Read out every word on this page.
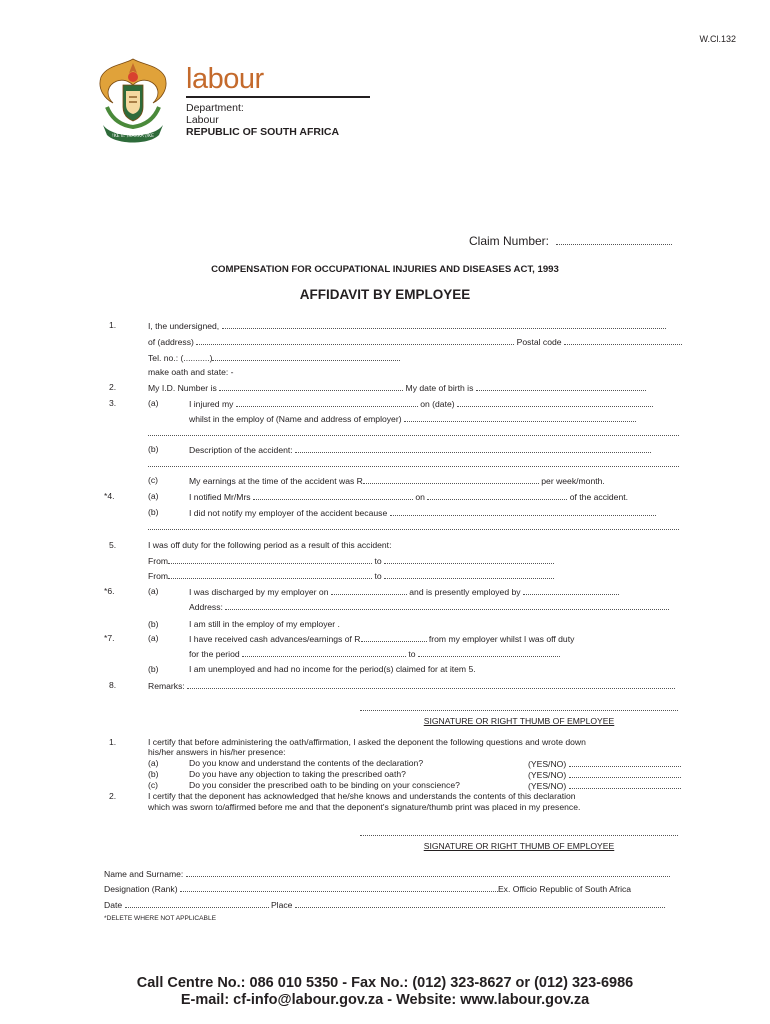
W.Cl.132
!KE E: /XARRA //KE
labour
Department:
Labour
REPUBLIC OF SOUTH AFRICA
Claim Number:
COMPENSATION FOR OCCUPATIONAL INJURIES AND DISEASES ACT, 1993
AFFIDAVIT BY EMPLOYEE
1.	I, the undersigned,
of (address)	Postal code
Tel. no.: (...........)
make oath and state: -
2.	My I.D. Number is	My date of birth is
3.	(a)	I injured my	on (date)
whilst in the employ of (Name and address of employer)
(b)	Description of the accident:
(c)	My earnings at the time of the accident was R	per week/month.
*4.	(a)	I notified Mr/Mrs	on	of the accident.
(b)	I did not notify my employer of the accident because
5.	I was off duty for the following period as a result of this accident:
From	to
From	to
*6.	(a)	I was discharged by my employer on	and is presently employed by
Address:
(b)	I am still in the employ of my employer .
*7.	(a)	I have received cash advances/earnings of R	from my employer whilst I was off duty
for the period	to
(b)	I am unemployed and had no income for the period(s) claimed for at item 5.
8.	Remarks:
SIGNATURE OR RIGHT THUMB OF EMPLOYEE
1.	I certify that before administering the oath/affirmation, I asked the deponent the following questions and wrote down
his/her answers in his/her presence:
(a)	Do you know and understand the contents of the declaration?	(YES/NO)
(b)	Do you have any objection to taking the prescribed oath?	(YES/NO)
(c)	Do you consider the prescribed oath to be binding on your conscience?	(YES/NO)
2.	I certify that the deponent has acknowledged that he/she knows and understands the contents of this declaration
which was sworn to/affirmed before me and that the deponent's signature/thumb print was placed in my presence.
SIGNATURE OR RIGHT THUMB OF EMPLOYEE
Name and Surname:
Designation (Rank)	Ex. Officio Republic of South Africa
Date	Place
*DELETE WHERE NOT APPLICABLE
Call Centre No.: 086 010 5350 - Fax No.: (012) 323-8627 or (012) 323-6986
E-mail: cf-info@labour.gov.za - Website: www.labour.gov.za
